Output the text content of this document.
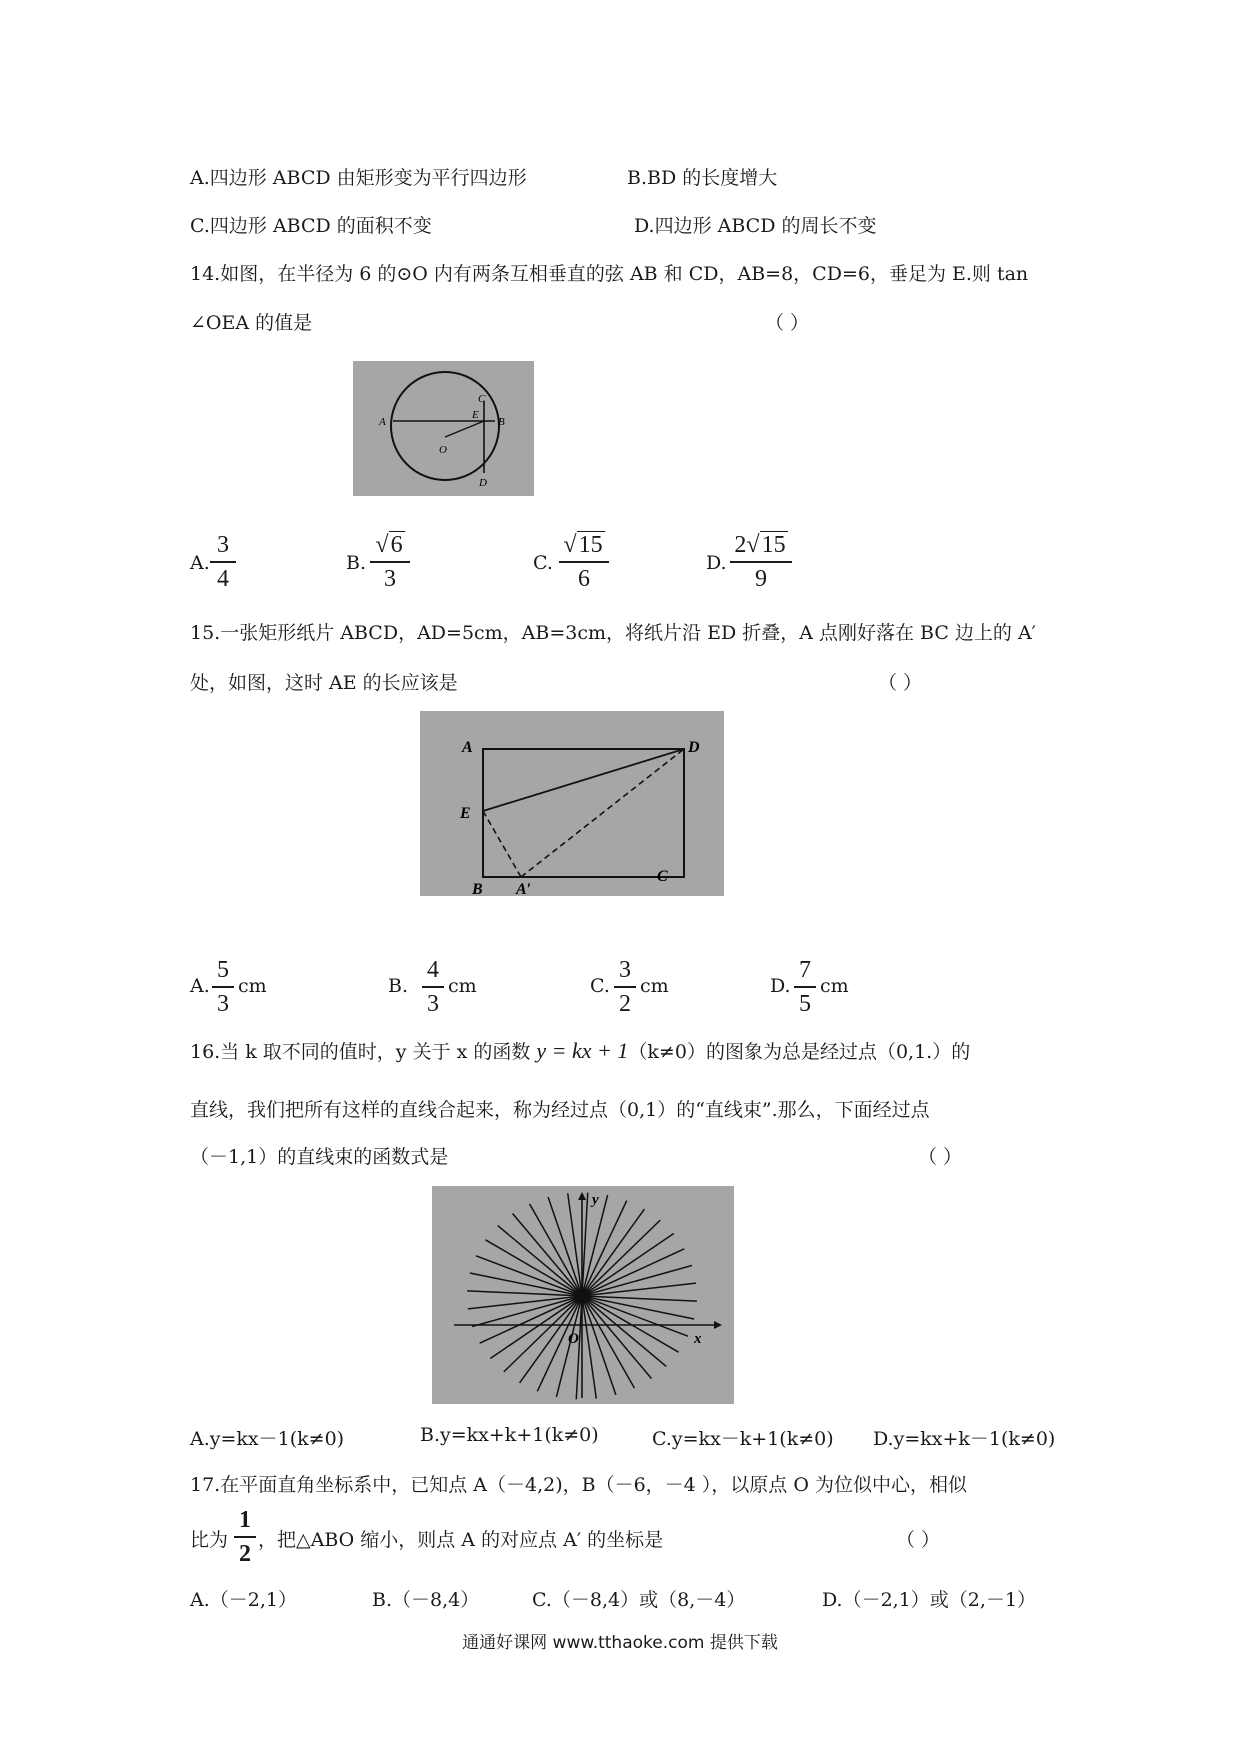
A.四边形 ABCD 由矩形变为平行四边形	B.BD 的长度增大
C.四边形 ABCD 的面积不变	D.四边形 ABCD 的周长不变
14.如图，在半径为 6 的⊙O 内有两条互相垂直的弦 AB 和 CD，AB=8，CD=6，垂足为 E.则 tan
∠OEA 的值是	（ ）
A	B
C
D
E
O
A.
3
4
B.
√6
3
C.
√15
6
D.
2√15
9
15.一张矩形纸片 ABCD，AD=5cm，AB=3cm，将纸片沿 ED 折叠，A 点刚好落在 BC 边上的 A′
处，如图，这时 AE 的长应该是	（ ）
A	D
E
B A′
C
A.
5
3
cm	B.
4
3
cm	C.
3
2
cm	D.
7
5
cm
16.当 k 取不同的值时，y 关于 x 的函数 y = kx + 1（k≠0）的图象为总是经过点（0,1.）的
直线，我们把所有这样的直线合起来，称为经过点（0,1）的“直线束”.那么，下面经过点
（－1,1）的直线束的函数式是	（ ）
y
x
O
A.y=kx－1(k≠0)	B.y=kx+k+1(k≠0)	C.y=kx－k+1(k≠0) D.y=kx+k－1(k≠0)
17.在平面直角坐标系中，已知点 A（－4,2)，B（－6，－4 ），以原点 O 为位似中心，相似
比为
1
2
，把△ABO 缩小，则点 A 的对应点 A′ 的坐标是	（ ）
A.（－2,1）	B.（－8,4）	C.（－8,4）或（8,－4）	D.（－2,1）或（2,－1）
通通好课网 www.tthaoke.com 提供下载
